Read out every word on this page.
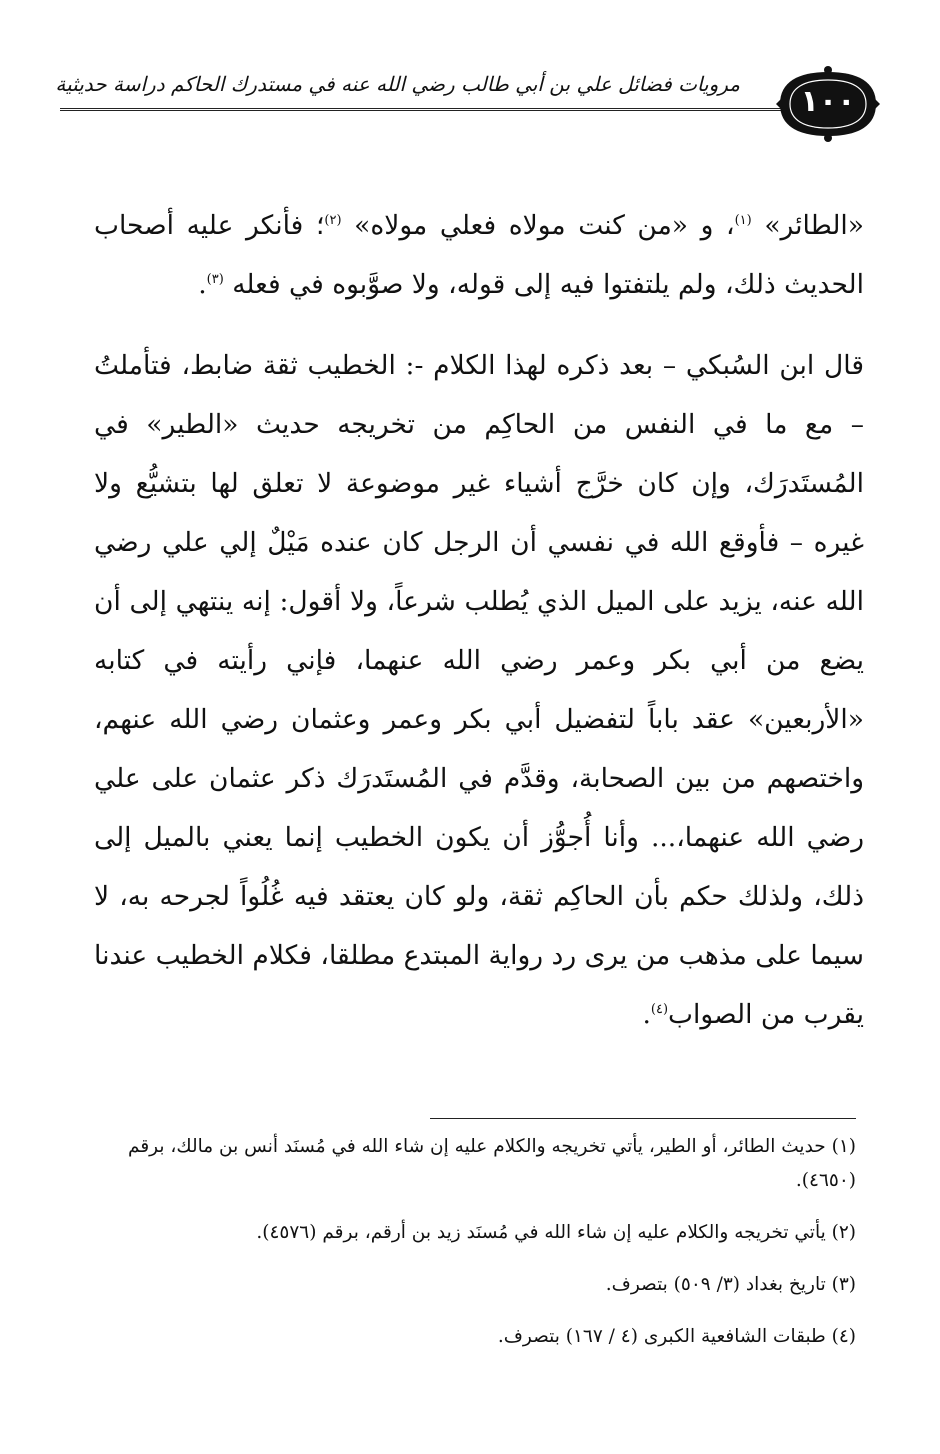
مرويات فضائل علي بن أبي طالب رضي الله عنه في مستدرك الحاكم دراسة حديثية	١٠٠

«الطائر» $^{(١)}$، و «من كنت مولاه فعلي مولاه» $^{(٢)}$؛ فأنكر عليه أصحاب الحديث ذلك، ولم يلتفتوا فيه إلى قوله، ولا صوَّبوه في فعله $^{(٣)}$.

قال ابن السُبكي – بعد ذكره لهذا الكلام -: الخطيب ثقة ضابط، فتأملتُ – مع ما في النفس من الحاكِم من تخريجه حديث «الطير» في المُستَدرَك، وإن كان خرَّج أشياء غير موضوعة لا تعلق لها بتشيُّع ولا غيره – فأوقع الله في نفسي أن الرجل كان عنده مَيْلٌ إلي علي رضي الله عنه، يزيد على الميل الذي يُطلب شرعاً، ولا أقول: إنه ينتهي إلى أن يضع من أبي بكر وعمر رضي الله عنهما، فإني رأيته في كتابه «الأربعين» عقد باباً لتفضيل أبي بكر وعمر وعثمان رضي الله عنهم، واختصهم من بين الصحابة، وقدَّم في المُستَدرَك ذكر عثمان على علي رضي الله عنهما،... وأنا أُجوُّز أن يكون الخطيب إنما يعني بالميل إلى ذلك، ولذلك حكم بأن الحاكِم ثقة، ولو كان يعتقد فيه غُلُواً لجرحه به، لا سيما على مذهب من يرى رد رواية المبتدع مطلقا، فكلام الخطيب عندنا يقرب من الصواب$^{(٤)}$.

(١) حديث الطائر، أو الطير، يأتي تخريجه والكلام عليه إن شاء الله في مُسنَد أنس بن مالك، برقم
(٤٦٥٠).
(٢) يأتي تخريجه والكلام عليه إن شاء الله في مُسنَد زيد بن أرقم، برقم (٤٥٧٦).
(٣) تاريخ بغداد (٣/ ٥٠٩) بتصرف.
(٤) طبقات الشافعية الكبرى (٤ / ١٦٧) بتصرف.
